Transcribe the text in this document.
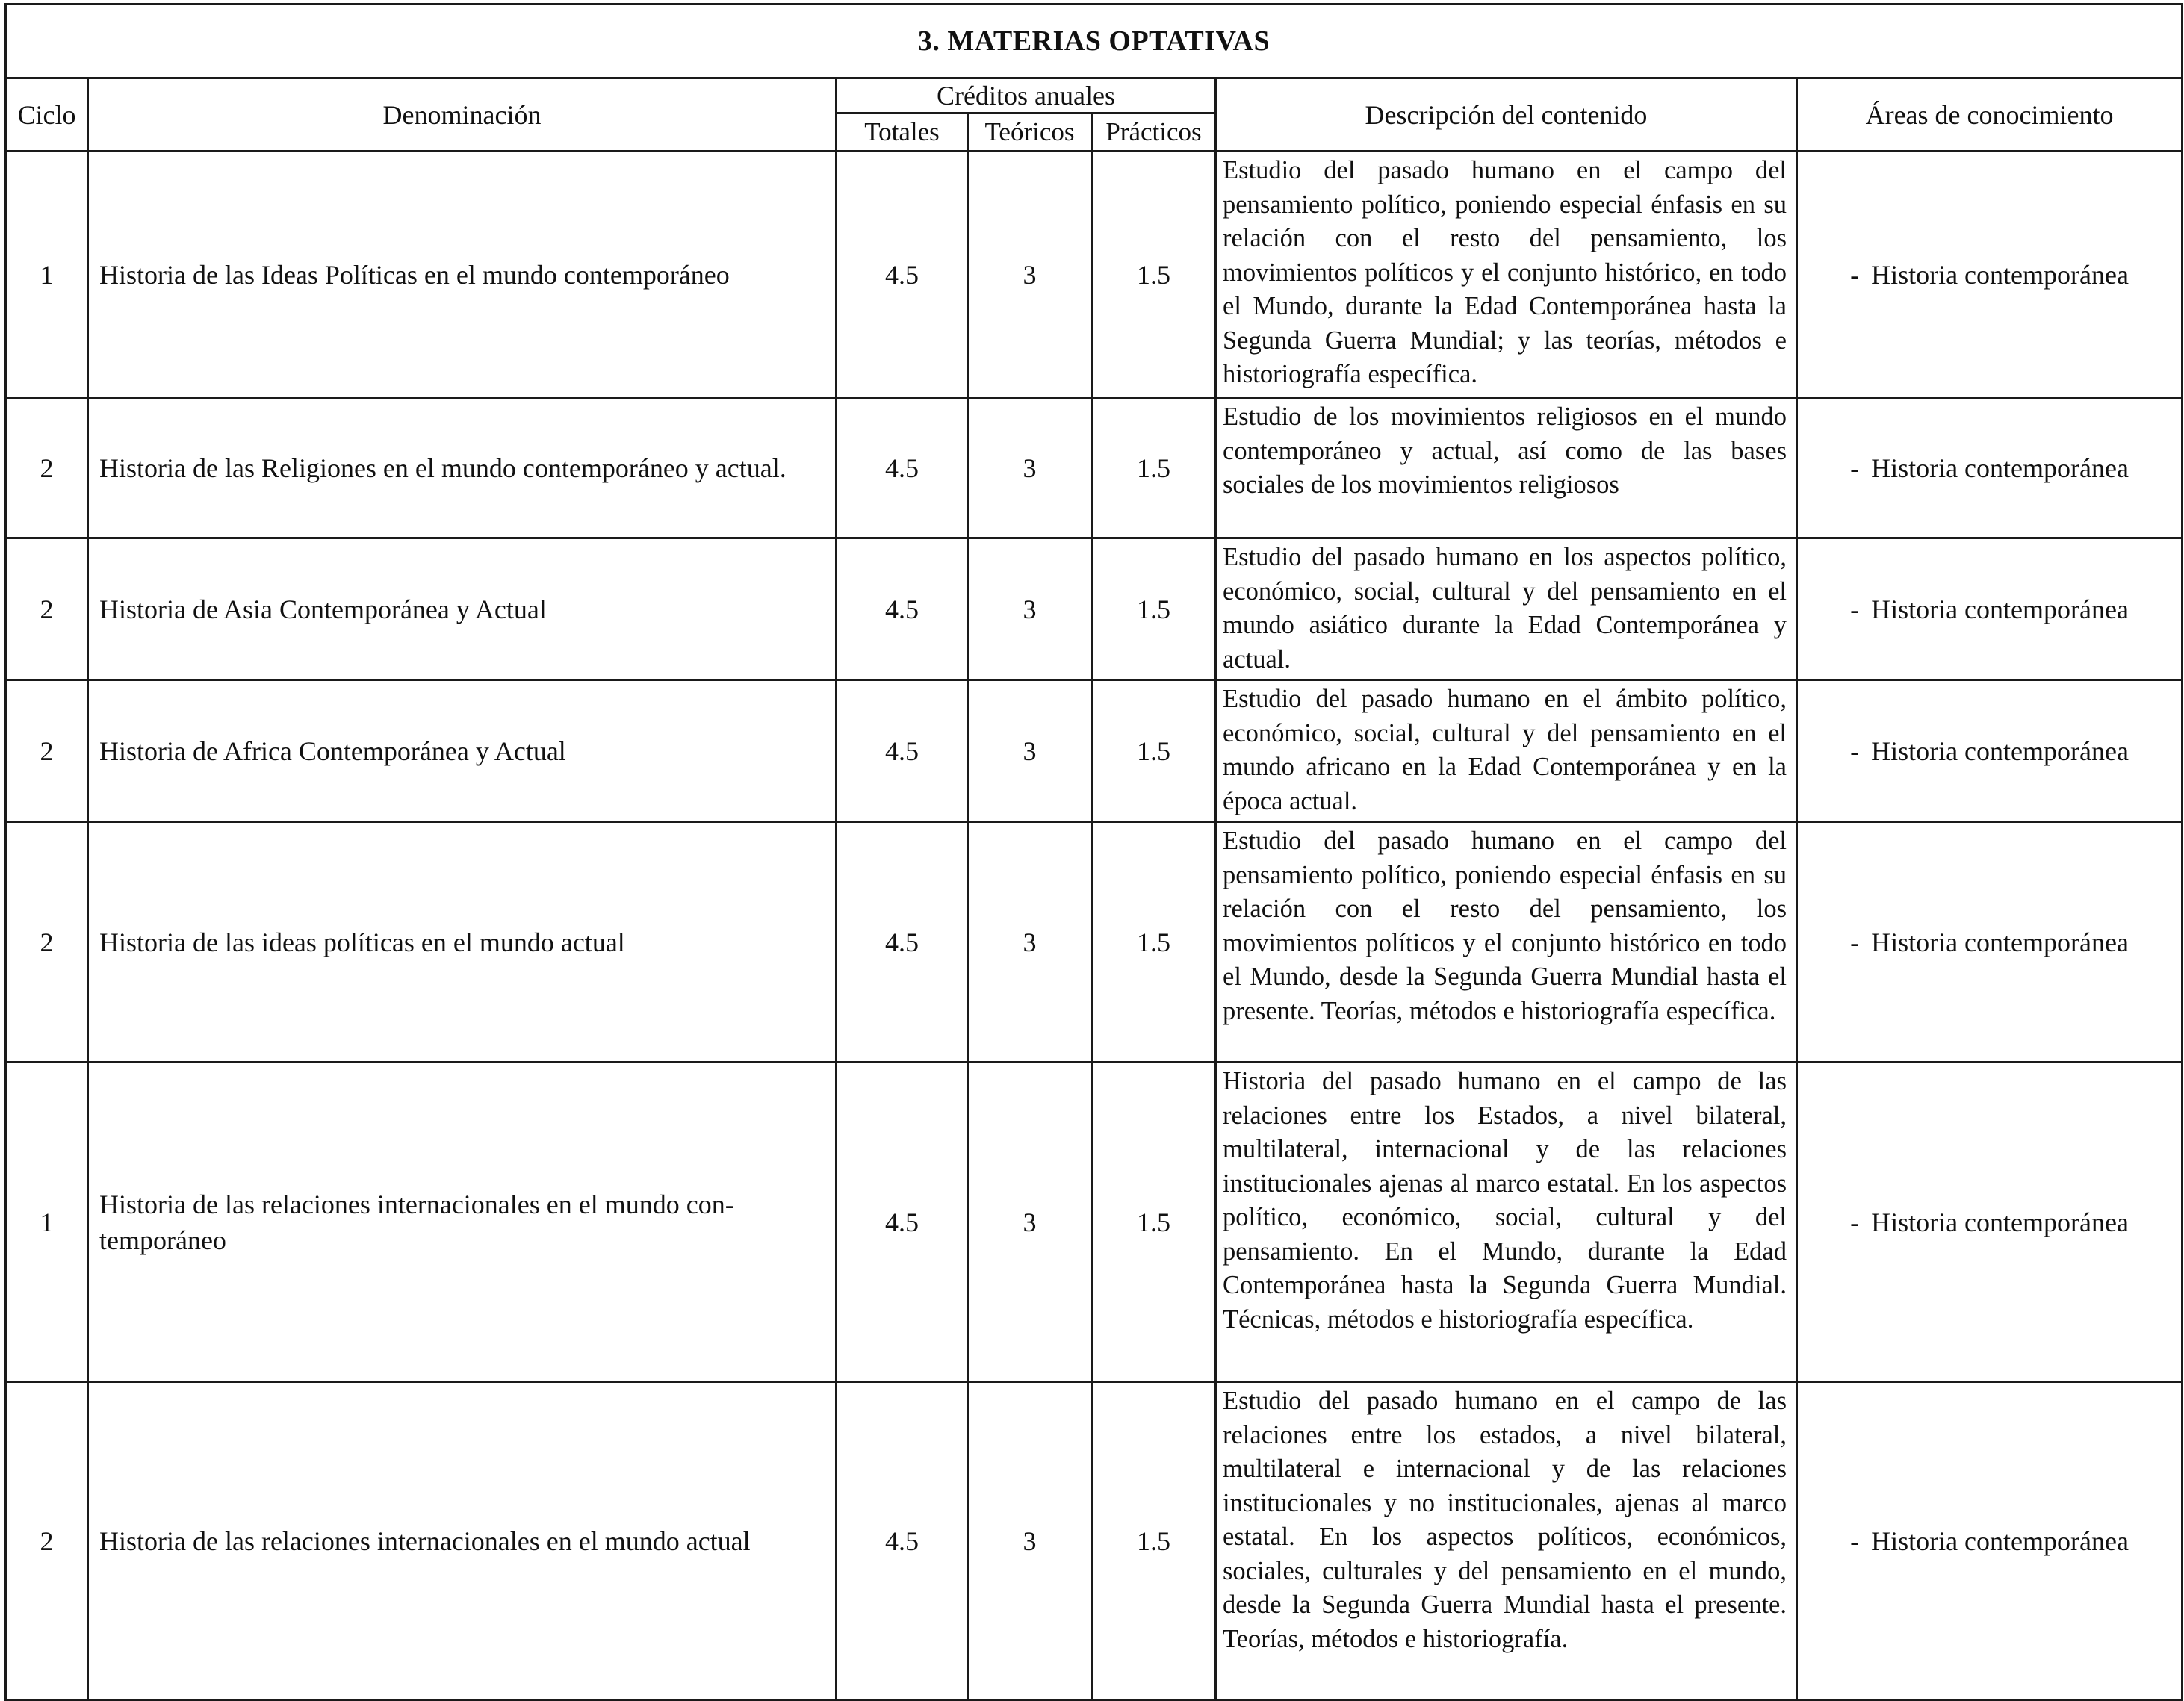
3. MATERIAS OPTATIVAS						
Ciclo	Denominación	Créditos anuales			Descripción del contenido	Áreas de conocimiento
		Totales	Teóricos	Prácticos		
1	Historia de las Ideas Políticas en el mundo contemporáneo	4.5	3	1.5	Estudio del pasado humano en el campo del pensamiento político, poniendo especial énfasis en su relación con el resto del pensamiento, los movimientos políticos y el conjunto histórico, en todo el Mundo, durante la Edad Contemporánea hasta la Segunda Guerra Mundial; y las teorías, métodos e historiografía específica.	- Historia contemporánea
2	Historia de las Religiones en el mundo contemporáneo y actual.	4.5	3	1.5	Estudio de los movimientos religiosos en el mundo contemporáneo y actual, así como de las bases sociales de los movimientos religiosos	- Historia contemporánea
2	Historia de Asia Contemporánea y Actual	4.5	3	1.5	Estudio del pasado humano en los aspectos político, económico, social, cultural y del pensamiento en el mundo asiático durante la Edad Contemporánea y actual.	- Historia contemporánea
2	Historia de Africa Contemporánea y Actual	4.5	3	1.5	Estudio del pasado humano en el ámbito político, económico, social, cultural y del pensamiento en el mundo africano en la Edad Contemporánea y en la época actual.	- Historia contemporánea
2	Historia de las ideas políticas en el mundo actual	4.5	3	1.5	Estudio del pasado humano en el campo del pensamiento político, poniendo especial énfasis en su relación con el resto del pensamiento, los movimientos políticos y el conjunto histórico en todo el Mundo, desde la Segunda Guerra Mundial hasta el presente. Teorías, métodos e historiografía específica.	- Historia contemporánea
1	Historia de las relaciones internacionales en el mundo contemporáneo	4.5	3	1.5	Historia del pasado humano en el campo de las relaciones entre los Estados, a nivel bilateral, multilateral, internacional y de las relaciones institucionales ajenas al marco estatal. En los aspectos político, económico, social, cultural y del pensamiento. En el Mundo, durante la Edad Contemporánea hasta la Segunda Guerra Mundial. Técnicas, métodos e historiografía específica.	- Historia contemporánea
2	Historia de las relaciones internacionales en el mundo actual	4.5	3	1.5	Estudio del pasado humano en el campo de las relaciones entre los estados, a nivel bilateral, multilateral e internacional y de las relaciones institucionales y no institucionales, ajenas al marco estatal. En los aspectos políticos, económicos, sociales, culturales y del pensamiento en el mundo, desde la Segunda Guerra Mundial hasta el presente. Teorías, métodos e historiografía.	- Historia contemporánea
